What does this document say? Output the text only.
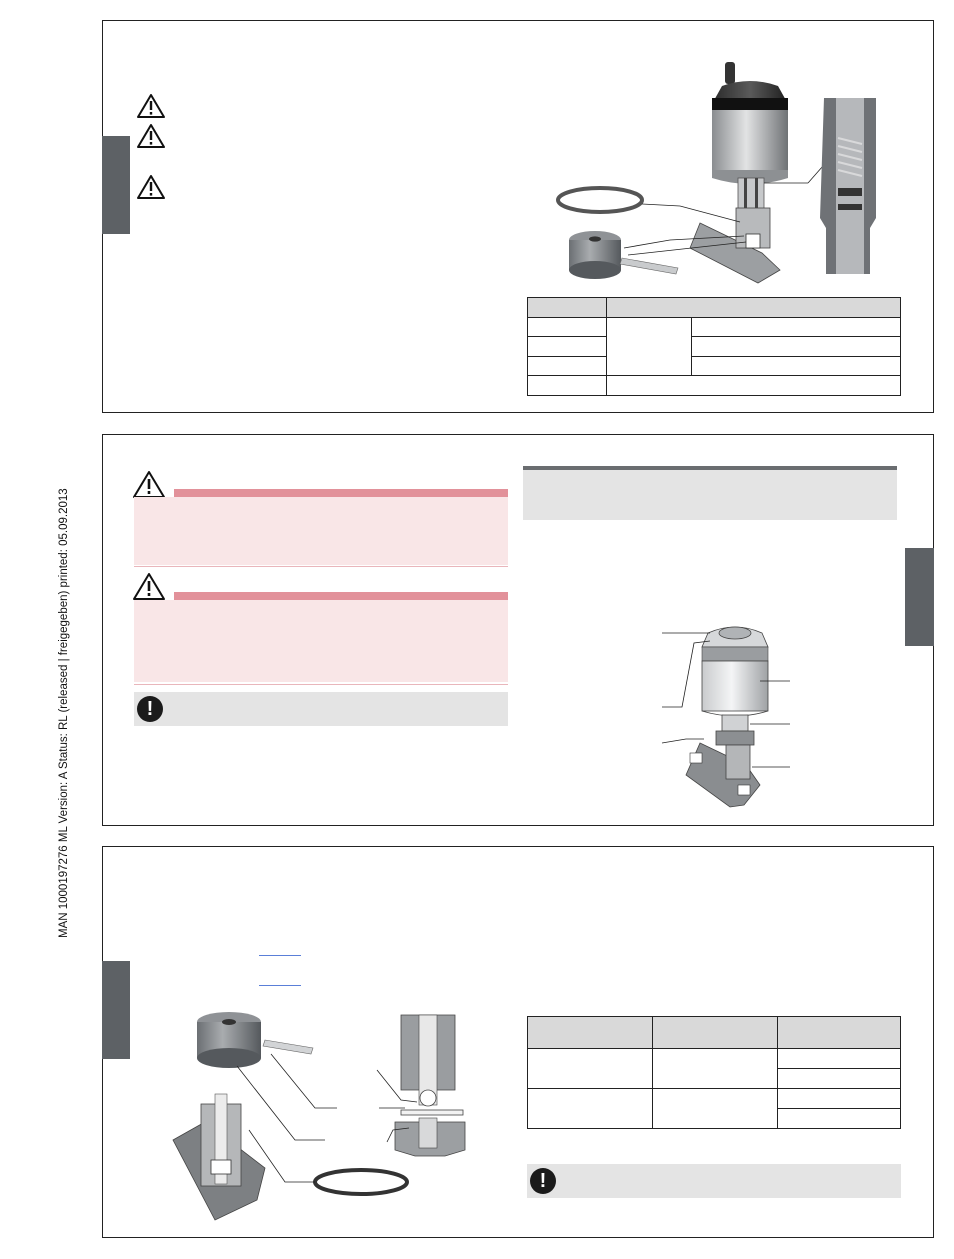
MAN 1000197276 ML Version: A Status: RL (released | freigegeben) printed: 05.09.2013

!

!
